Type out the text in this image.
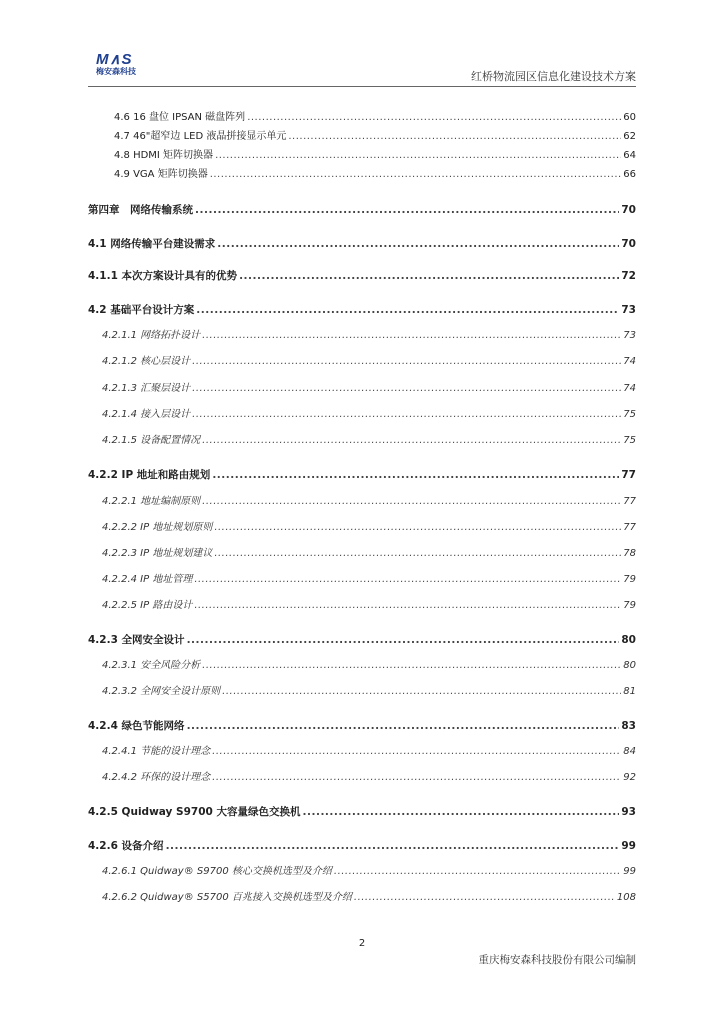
M∧S
梅安森科技	红桥物流园区信息化建设技术方案
4.6 16 盘位 IPSAN 磁盘阵列 .....	60
4.7 46"超窄边 LED 液晶拼接显示单元 .....	62
4.8 HDMI 矩阵切换器 .....	64
4.9 VGA 矩阵切换器 .....	66
第四章　网络传输系统 .....	70
4.1 网络传输平台建设需求 .....	70
4.1.1 本次方案设计具有的优势 .....	72
4.2 基础平台设计方案 .....	73
4.2.1.1 网络拓扑设计 .....	73
4.2.1.2 核心层设计 .....	74
4.2.1.3 汇聚层设计 .....	74
4.2.1.4 接入层设计 .....	75
4.2.1.5 设备配置情况 .....	75
4.2.2 IP 地址和路由规划 .....	77
4.2.2.1 地址编制原则 .....	77
4.2.2.2 IP 地址规划原则 .....	77
4.2.2.3 IP 地址规划建议 .....	78
4.2.2.4 IP 地址管理 .....	79
4.2.2.5 IP 路由设计 .....	79
4.2.3 全网安全设计 .....	80
4.2.3.1 安全风险分析 .....	80
4.2.3.2 全网安全设计原则 .....	81
4.2.4 绿色节能网络 .....	83
4.2.4.1 节能的设计理念 .....	84
4.2.4.2 环保的设计理念 .....	92
4.2.5 Quidway S9700 大容量绿色交换机 .....	93
4.2.6 设备介绍 .....	99
4.2.6.1 Quidway® S9700 核心交换机选型及介绍 .....	99
4.2.6.2 Quidway® S5700 百兆接入交换机选型及介绍 .....	108
2
重庆梅安森科技股份有限公司编制
